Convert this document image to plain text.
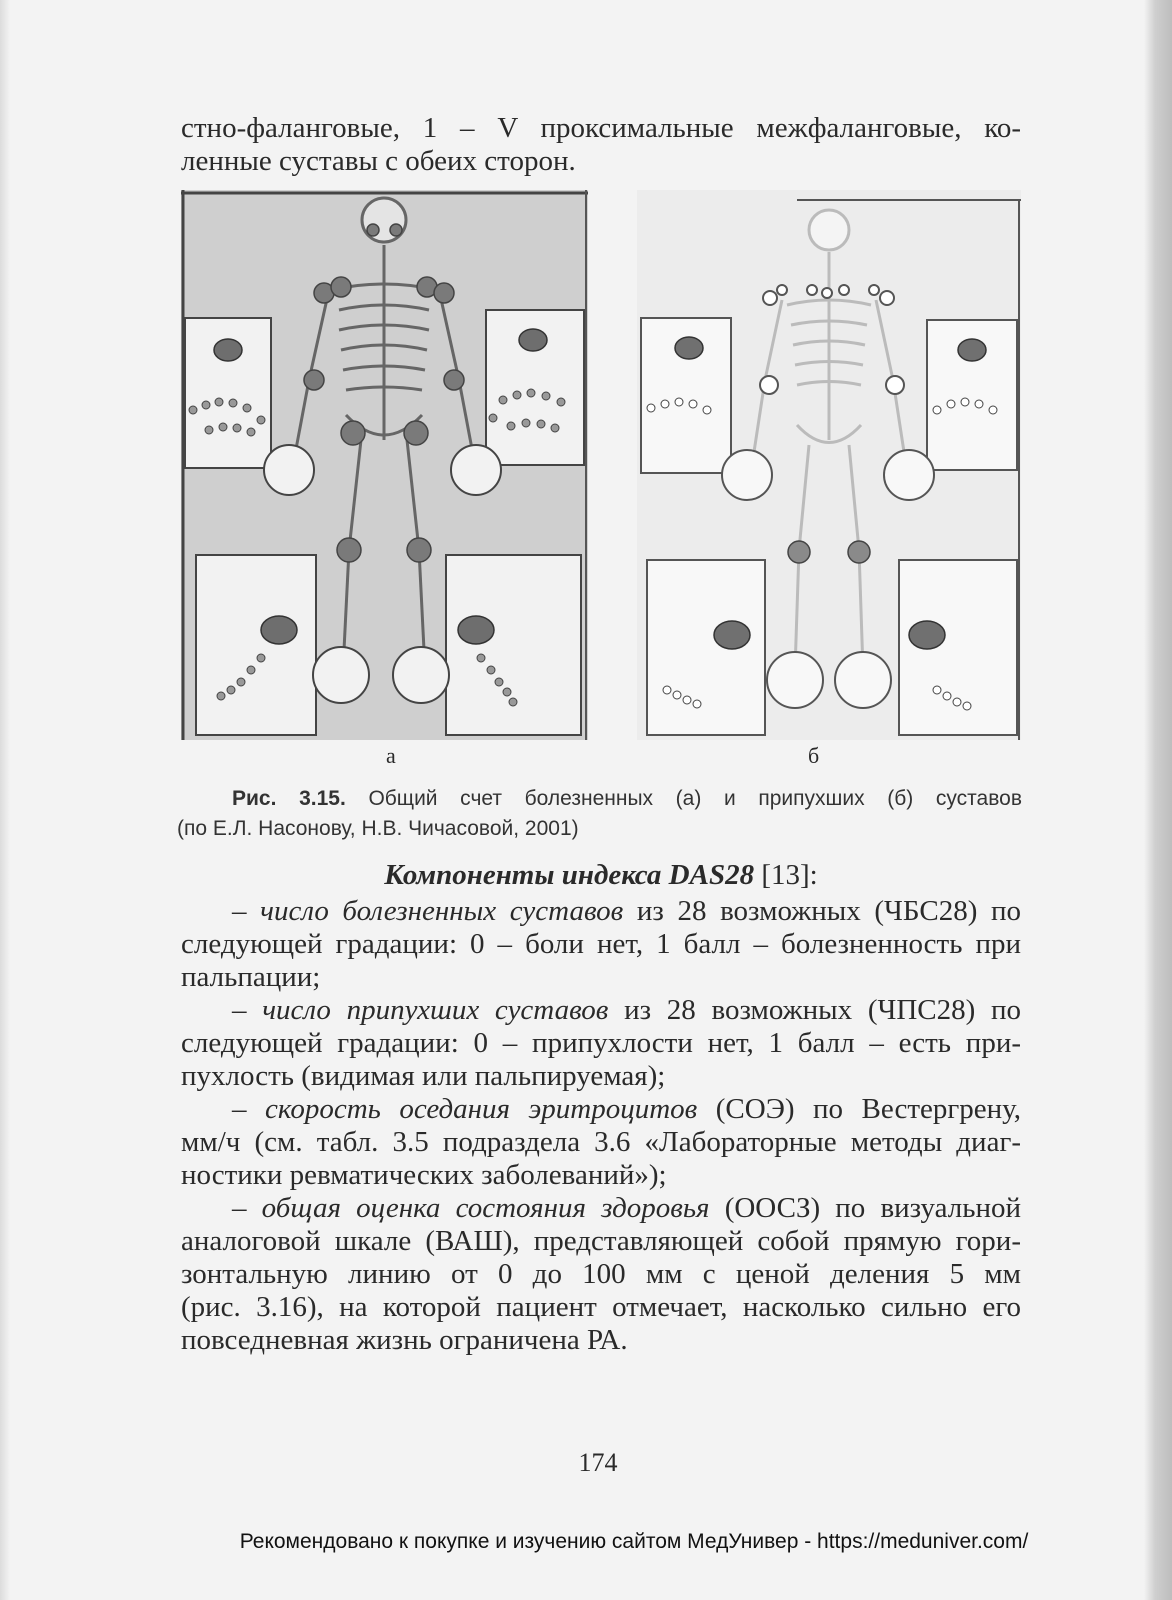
стно-фаланговые, 1 – V проксимальные межфаланговые, ко-

ленные суставы с обеих сторон.

а	б
Рис. 3.15. Общий счет болезненных (а) и припухших (б) суставов
(по Е.Л. Насонову, Н.В. Чичасовой, 2001)
Компоненты индекса DAS28 [13]:

– число болезненных суставов из 28 возможных (ЧБС28) по
следующей градации: 0 – боли нет, 1 балл – болезненность при
пальпации;

– число припухших суставов из 28 возможных (ЧПС28) по
следующей градации: 0 – припухлости нет, 1 балл – есть при-
пухлость (видимая или пальпируемая);

– скорость оседания эритроцитов (СОЭ) по Вестергрену,
мм/ч (см. табл. 3.5 подраздела 3.6 «Лабораторные методы диаг-
ностики ревматических заболеваний»);

– общая оценка состояния здоровья (ООСЗ) по визуальной
аналоговой шкале (ВАШ), представляющей собой прямую гори-
зонтальную линию от 0 до 100 мм с ценой деления 5 мм
(рис. 3.16), на которой пациент отмечает, насколько сильно его
повседневная жизнь ограничена РА.

174
Рекомендовано к покупке и изучению сайтом МедУнивер - https://meduniver.com/
